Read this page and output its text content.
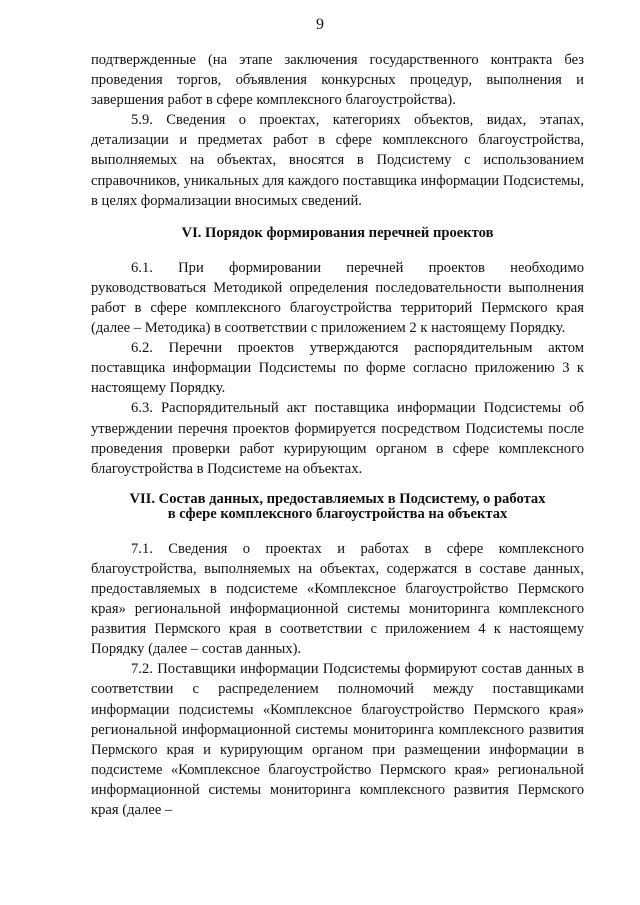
9

подтвержденные (на этапе заключения государственного контракта без проведения торгов, объявления конкурсных процедур, выполнения и завершения работ в сфере комплексного благоустройства).

5.9. Сведения о проектах, категориях объектов, видах, этапах, детализации и предметах работ в сфере комплексного благоустройства, выполняемых на объектах, вносятся в Подсистему с использованием справочников, уникальных для каждого поставщика информации Подсистемы, в целях формализации вносимых сведений.

VI. Порядок формирования перечней проектов

6.1. При формировании перечней проектов необходимо руководствоваться Методикой определения последовательности выполнения работ в сфере комплексного благоустройства территорий Пермского края (далее – Методика) в соответствии с приложением 2 к настоящему Порядку.

6.2. Перечни проектов утверждаются распорядительным актом поставщика информации Подсистемы по форме согласно приложению 3 к настоящему Порядку.

6.3. Распорядительный акт поставщика информации Подсистемы об утверждении перечня проектов формируется посредством Подсистемы после проведения проверки работ курирующим органом в сфере комплексного благоустройства в Подсистеме на объектах.

VII. Состав данных, предоставляемых в Подсистему, о работах
в сфере комплексного благоустройства на объектах

7.1. Сведения о проектах и работах в сфере комплексного благоустройства, выполняемых на объектах, содержатся в составе данных, предоставляемых в подсистеме «Комплексное благоустройство Пермского края» региональной информационной системы мониторинга комплексного развития Пермского края в соответствии с приложением 4 к настоящему Порядку (далее – состав данных).

7.2. Поставщики информации Подсистемы формируют состав данных в соответствии с распределением полномочий между поставщиками информации подсистемы «Комплексное благоустройство Пермского края» региональной информационной системы мониторинга комплексного развития Пермского края и курирующим органом при размещении информации в подсистеме «Комплексное благоустройство Пермского края» региональной информационной системы мониторинга комплексного развития Пермского края (далее –
